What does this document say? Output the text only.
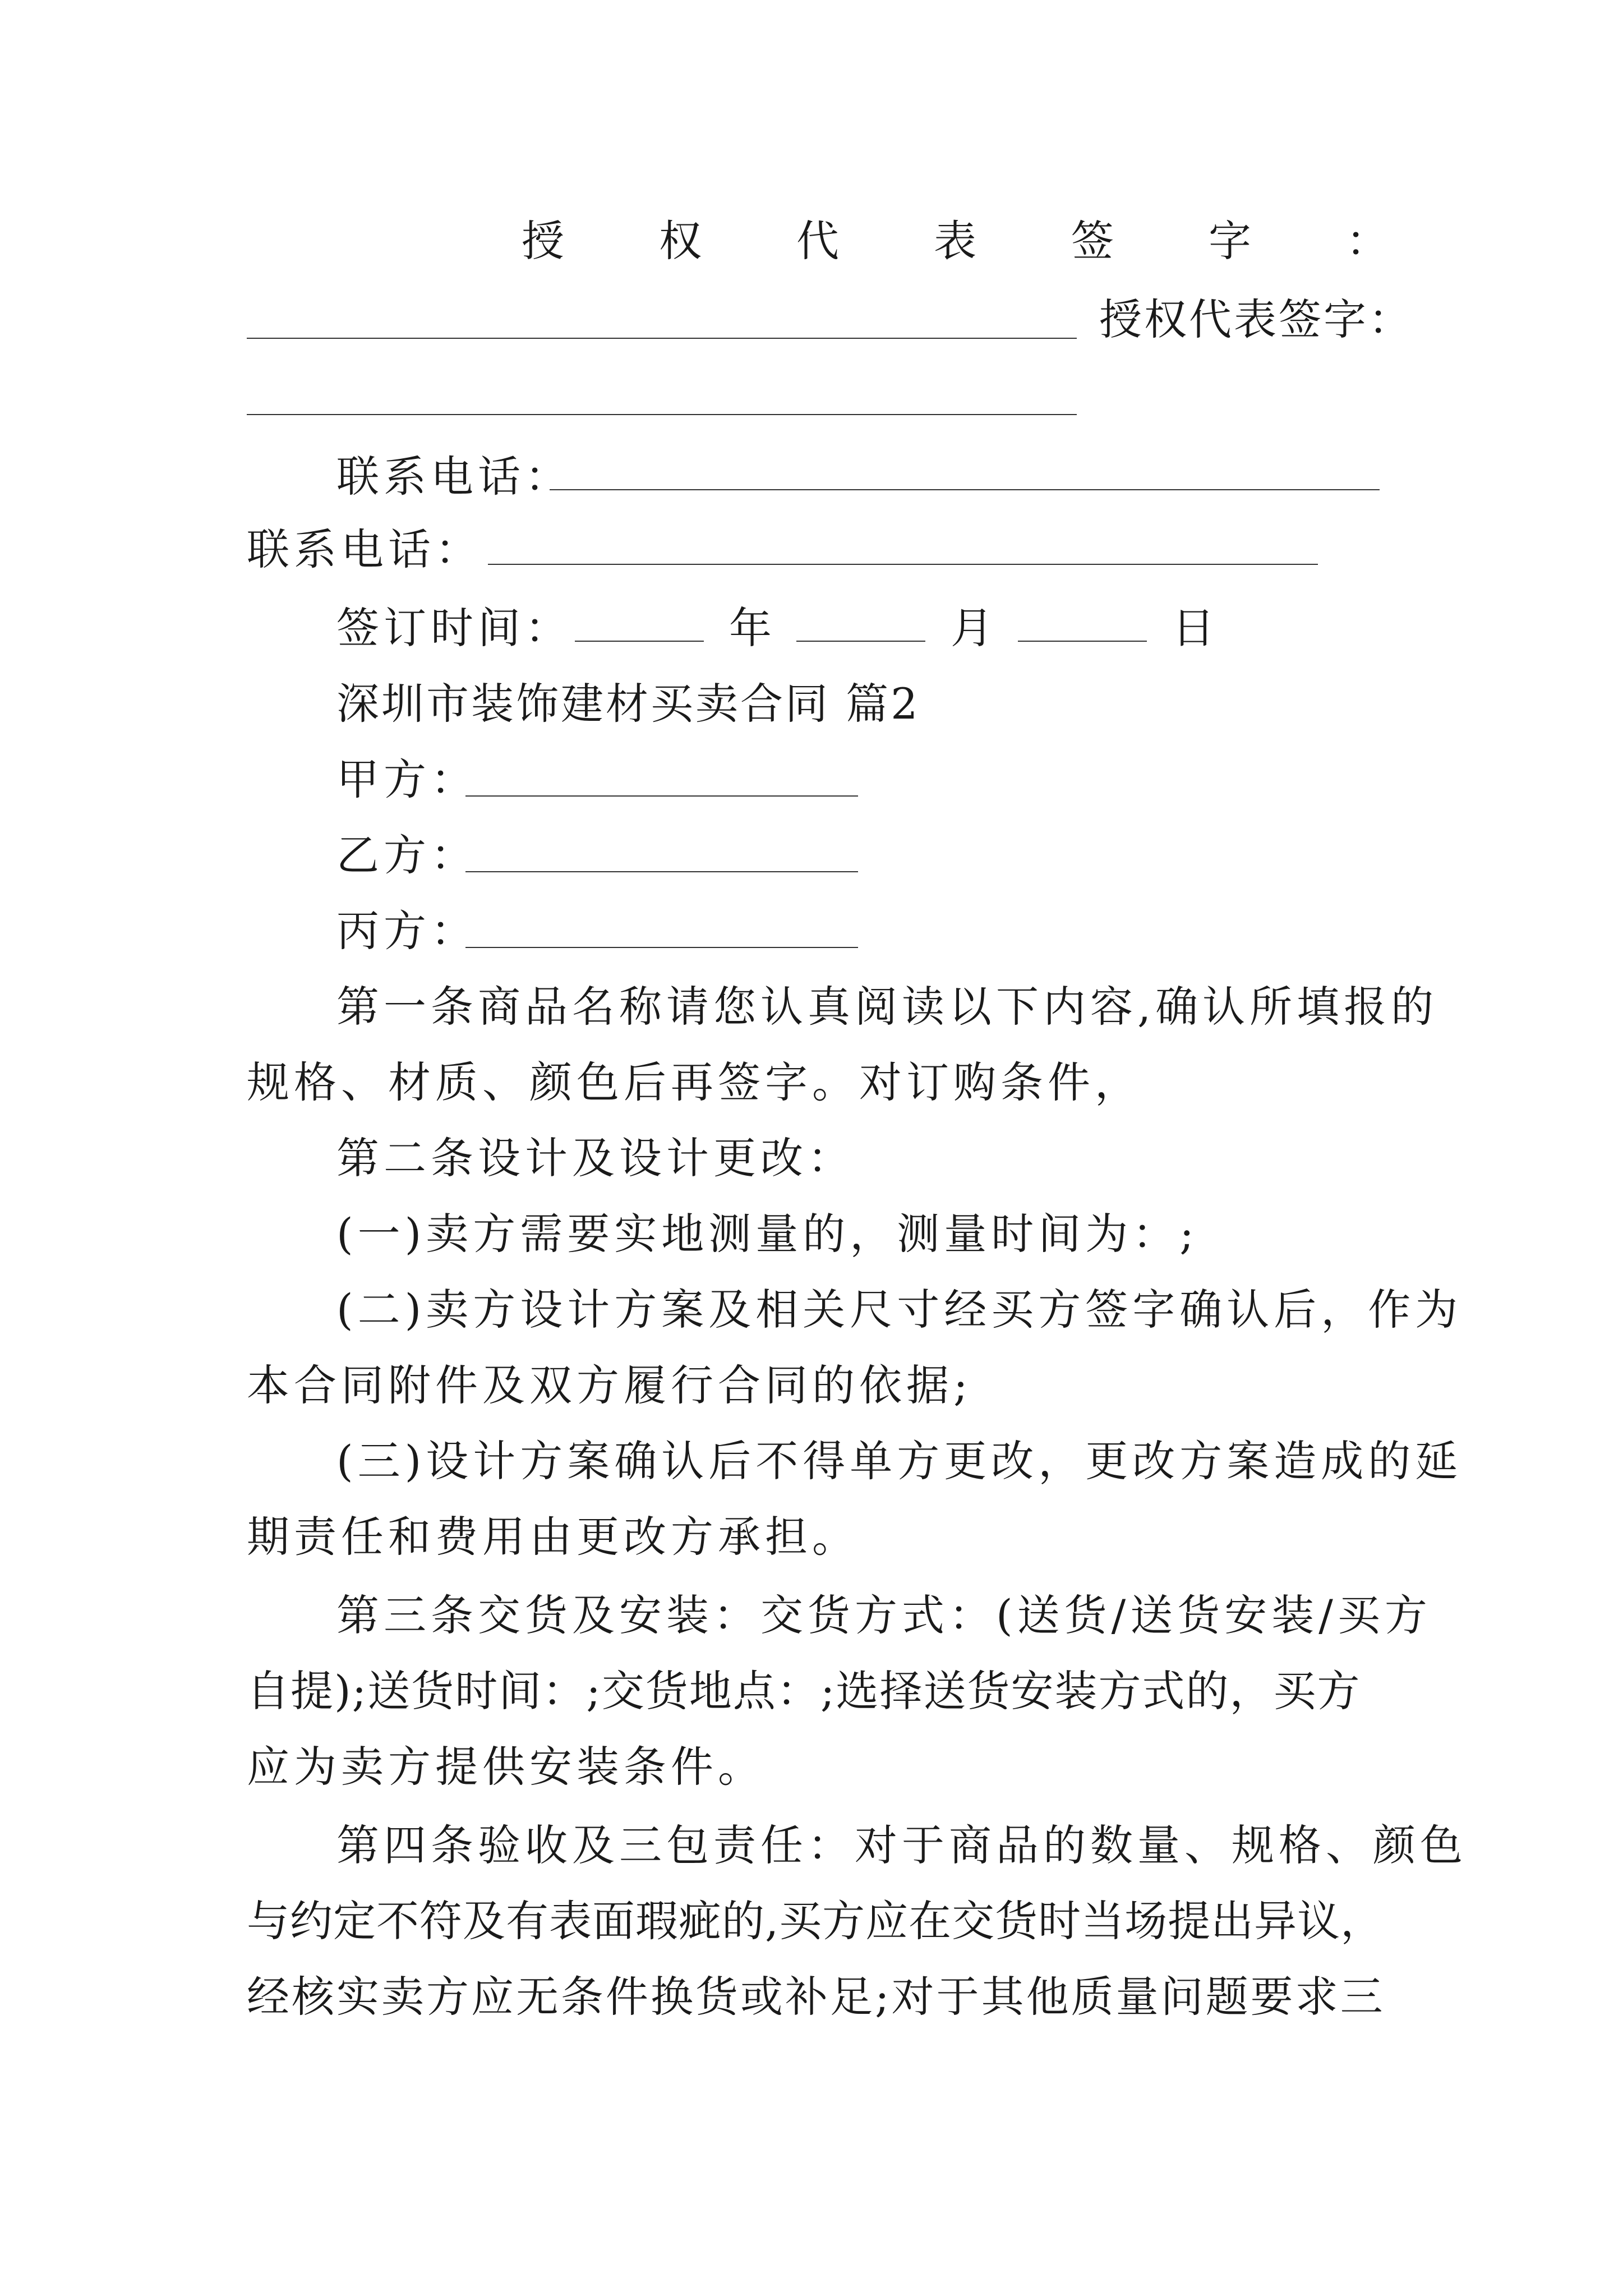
授 权 代 表 签 字 ：
授权代表签字：
联系电话：
联系电话：
签订时间：	年	月	日
深圳市装饰建材买卖合同 篇2
甲方：
乙方：
丙方：
第一条商品名称请您认真阅读以下内容,确认所填报的
规格、材质、颜色后再签字。对订购条件，
第二条设计及设计更改：
(一)卖方需要实地测量的，测量时间为：;
(二)卖方设计方案及相关尺寸经买方签字确认后，作为
本合同附件及双方履行合同的依据;
(三)设计方案确认后不得单方更改，更改方案造成的延
期责任和费用由更改方承担。
第三条交货及安装：交货方式：(送货/送货安装/买方
自提);送货时间：;交货地点：;选择送货安装方式的，买方
应为卖方提供安装条件。
第四条验收及三包责任：对于商品的数量、规格、颜色
与约定不符及有表面瑕疵的,买方应在交货时当场提出异议，
经核实卖方应无条件换货或补足;对于其他质量问题要求三
